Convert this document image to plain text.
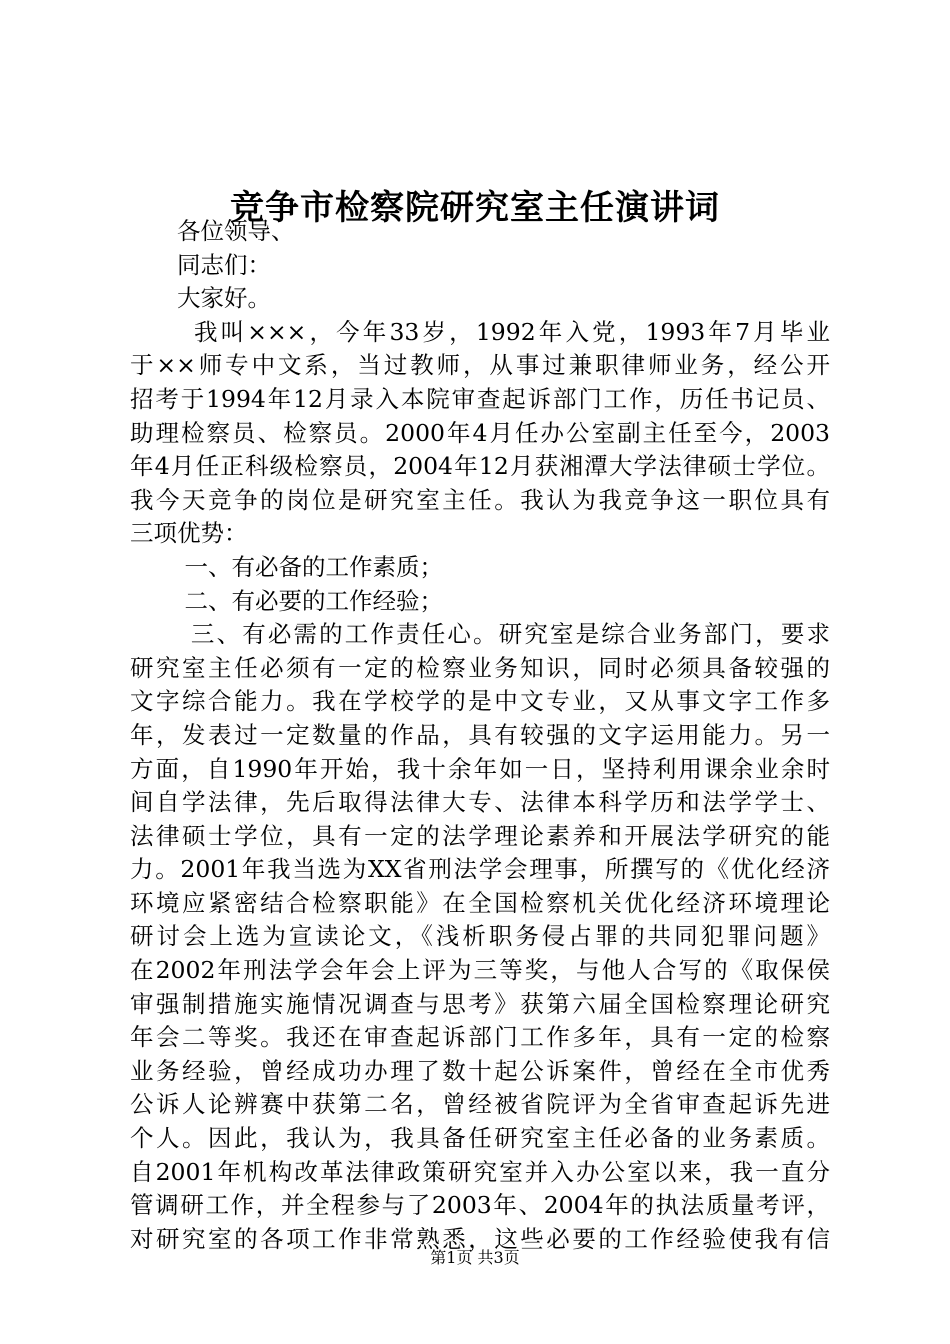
竞争市检察院研究室主任演讲词
　　各位领导、
　　同志们：
　　大家好。
　　 我叫×××，今年33岁，1992年入党，1993年7月毕业
于××师专中文系，当过教师，从事过兼职律师业务，经公开
招考于1994年12月录入本院审查起诉部门工作，历任书记员、
助理检察员、检察员。2000年4月任办公室副主任至今，2003
年4月任正科级检察员，2004年12月获湘潭大学法律硕士学位。
我今天竞争的岗位是研究室主任。我认为我竞争这一职位具有
三项优势：
　　 一、有必备的工作素质；
　　 二、有必要的工作经验；
　　 三、有必需的工作责任心。研究室是综合业务部门，要求
研究室主任必须有一定的检察业务知识，同时必须具备较强的
文字综合能力。我在学校学的是中文专业，又从事文字工作多
年，发表过一定数量的作品，具有较强的文字运用能力。另一
方面，自1990年开始，我十余年如一日，坚持利用课余业余时
间自学法律，先后取得法律大专、法律本科学历和法学学士、
法律硕士学位，具有一定的法学理论素养和开展法学研究的能
力。2001年我当选为XX省刑法学会理事，所撰写的《优化经济
环境应紧密结合检察职能》在全国检察机关优化经济环境理论
研讨会上选为宣读论文，《浅析职务侵占罪的共同犯罪问题》
在2002年刑法学会年会上评为三等奖，与他人合写的《取保侯
审强制措施实施情况调查与思考》获第六届全国检察理论研究
年会二等奖。我还在审查起诉部门工作多年，具有一定的检察
业务经验，曾经成功办理了数十起公诉案件，曾经在全市优秀
公诉人论辨赛中获第二名，曾经被省院评为全省审查起诉先进
个人。因此，我认为，我具备任研究室主任必备的业务素质。
自2001年机构改革法律政策研究室并入办公室以来，我一直分
管调研工作，并全程参与了2003年、2004年的执法质量考评，
对研究室的各项工作非常熟悉，这些必要的工作经验使我有信
第1页 共3页
